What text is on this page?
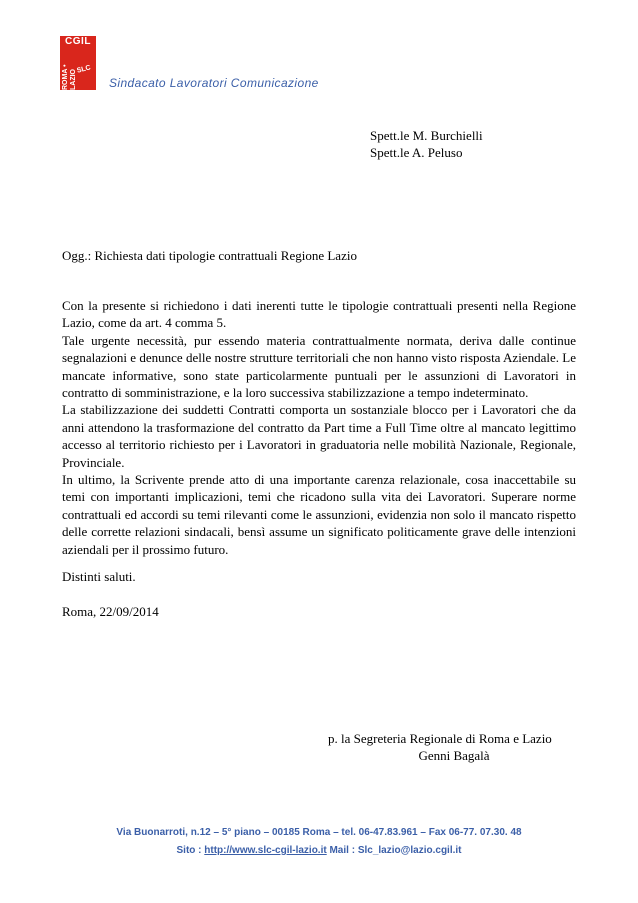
CGIL
ROMA • LAZIO SLC
Sindacato Lavoratori Comunicazione
Spett.le M. Burchielli
Spett.le A. Peluso
Ogg.: Richiesta dati tipologie contrattuali Regione Lazio

Con la presente si richiedono i dati inerenti tutte le tipologie contrattuali presenti nella Regione Lazio, come da art. 4 comma 5.

Tale urgente necessità, pur essendo materia contrattualmente normata, deriva dalle continue segnalazioni e denunce delle nostre strutture territoriali che non hanno visto risposta Aziendale. Le mancate informative, sono state particolarmente puntuali per le assunzioni di Lavoratori in contratto di somministrazione, e la loro successiva stabilizzazione a tempo indeterminato.

La stabilizzazione dei suddetti Contratti comporta un sostanziale blocco per i Lavoratori che da anni attendono la trasformazione del contratto da Part time a Full Time oltre al mancato legittimo accesso al territorio richiesto per i Lavoratori in graduatoria nelle mobilità Nazionale, Regionale, Provinciale.

In ultimo, la Scrivente prende atto di una importante carenza relazionale, cosa inaccettabile su temi con importanti implicazioni, temi che ricadono sulla vita dei Lavoratori. Superare norme contrattuali ed accordi su temi rilevanti come le assunzioni, evidenzia non solo il mancato rispetto delle corrette relazioni sindacali, bensì assume un significato politicamente grave delle intenzioni aziendali per il prossimo futuro.

Distinti saluti.
Roma, 22/09/2014
p. la Segreteria Regionale di Roma e Lazio
Genni Bagalà
Via Buonarroti, n.12 – 5° piano – 00185 Roma – tel. 06-47.83.961 – Fax 06-77. 07.30. 48
Sito : http://www.slc-cgil-lazio.it Mail : Slc_lazio@lazio.cgil.it
